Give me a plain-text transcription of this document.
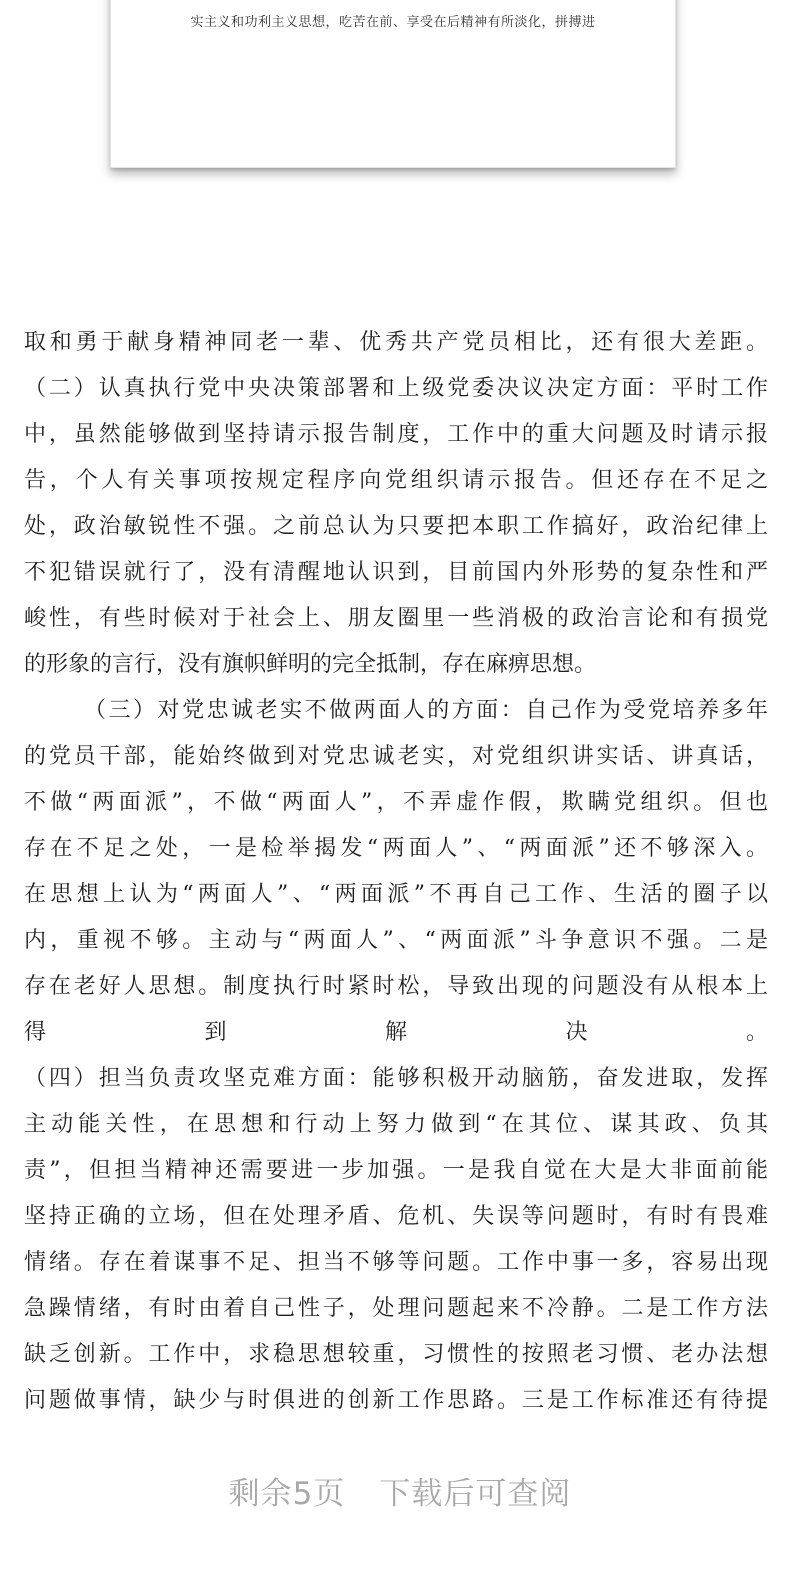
实主义和功利主义思想，吃苦在前、享受在后精神有所淡化，拼搏进
取和勇于献身精神同老一辈、优秀共产党员相比，还有很大差距。
（二）认真执行党中央决策部署和上级党委决议决定方面：平时工作
中，虽然能够做到坚持请示报告制度，工作中的重大问题及时请示报
告，个人有关事项按规定程序向党组织请示报告。但还存在不足之
处，政治敏锐性不强。之前总认为只要把本职工作搞好，政治纪律上
不犯错误就行了，没有清醒地认识到，目前国内外形势的复杂性和严
峻性，有些时候对于社会上、朋友圈里一些消极的政治言论和有损党
的形象的言行，没有旗帜鲜明的完全抵制，存在麻痹思想。
（三）对党忠诚老实不做两面人的方面：自己作为受党培养多年
的党员干部，能始终做到对党忠诚老实，对党组织讲实话、讲真话，
不做“两面派”，不做“两面人”，不弄虚作假，欺瞒党组织。但也
存在不足之处，一是检举揭发“两面人”、“两面派”还不够深入。
在思想上认为“两面人”、“两面派”不再自己工作、生活的圈子以
内，重视不够。主动与“两面人”、“两面派”斗争意识不强。二是
存在老好人思想。制度执行时紧时松，导致出现的问题没有从根本上
得到解决。
（四）担当负责攻坚克难方面：能够积极开动脑筋，奋发进取，发挥
主动能关性，在思想和行动上努力做到“在其位、谋其政、负其
责”，但担当精神还需要进一步加强。一是我自觉在大是大非面前能
坚持正确的立场，但在处理矛盾、危机、失误等问题时，有时有畏难
情绪。存在着谋事不足、担当不够等问题。工作中事一多，容易出现
急躁情绪，有时由着自己性子，处理问题起来不冷静。二是工作方法
缺乏创新。工作中，求稳思想较重，习惯性的按照老习惯、老办法想
问题做事情，缺少与时俱进的创新工作思路。三是工作标准还有待提
剩余5页 下载后可查阅
